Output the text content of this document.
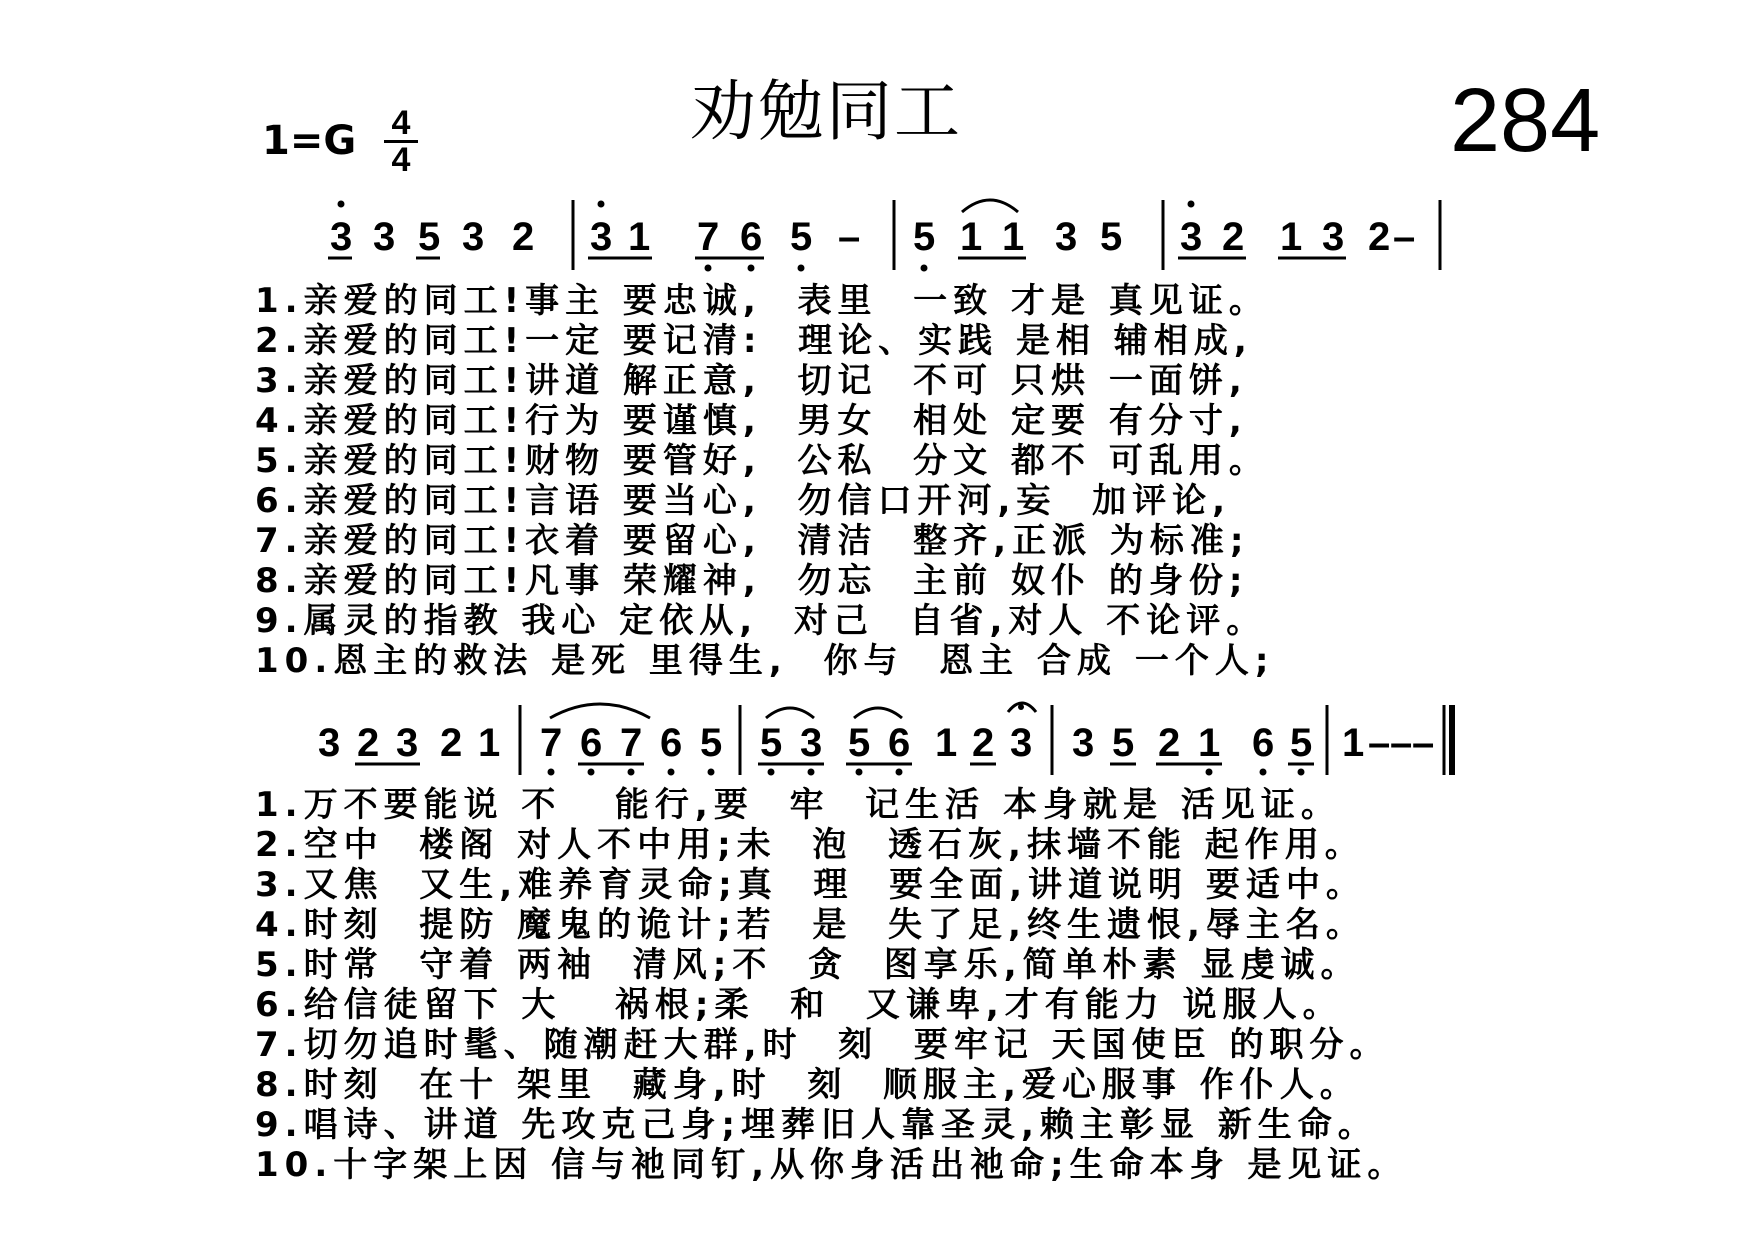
劝勉同工	284
1=G 4
4
3 3 5 3 2 3 1 7 6 5 – 5 1 1 3 5 3 2 1 3 2 –
3 2 3 2 1 7 6 7 6 5 5 3 5 6 1 2 3 3 5 2 1 6 5 1 – – –
1.亲爱的同工!事主 要忠诚,  表里  一致 才是 真见证。
2.亲爱的同工!一定 要记清:  理论、实践 是相 辅相成,
3.亲爱的同工!讲道 解正意,  切记  不可 只烘 一面饼,
4.亲爱的同工!行为 要谨慎,  男女  相处 定要 有分寸,
5.亲爱的同工!财物 要管好,  公私  分文 都不 可乱用。
6.亲爱的同工!言语 要当心,  勿信口开河,妄  加评论,
7.亲爱的同工!衣着 要留心,  清洁  整齐,正派 为标准;
8.亲爱的同工!凡事 荣耀神,  勿忘  主前 奴仆 的身份;
9.属灵的指教 我心 定依从,  对己  自省,对人 不论评。
10.恩主的救法 是死 里得生,  你与  恩主 合成 一个人;
1.万不要能说 不   能行,要  牢  记生活 本身就是 活见证。
2.空中  楼阁 对人不中用;未  泡  透石灰,抹墙不能 起作用。
3.又焦  又生,难养育灵命;真  理  要全面,讲道说明 要适中。
4.时刻  提防 魔鬼的诡计;若  是  失了足,终生遗恨,辱主名。
5.时常  守着 两袖  清风;不  贪  图享乐,简单朴素 显虔诚。
6.给信徒留下 大   祸根;柔  和  又谦卑,才有能力 说服人。
7.切勿追时髦、随潮赶大群,时  刻  要牢记 天国使臣 的职分。
8.时刻  在十 架里  藏身,时  刻  顺服主,爱心服事 作仆人。
9.唱诗、讲道 先攻克己身;埋葬旧人靠圣灵,赖主彰显 新生命。
10.十字架上因 信与祂同钉,从你身活出祂命;生命本身 是见证。
